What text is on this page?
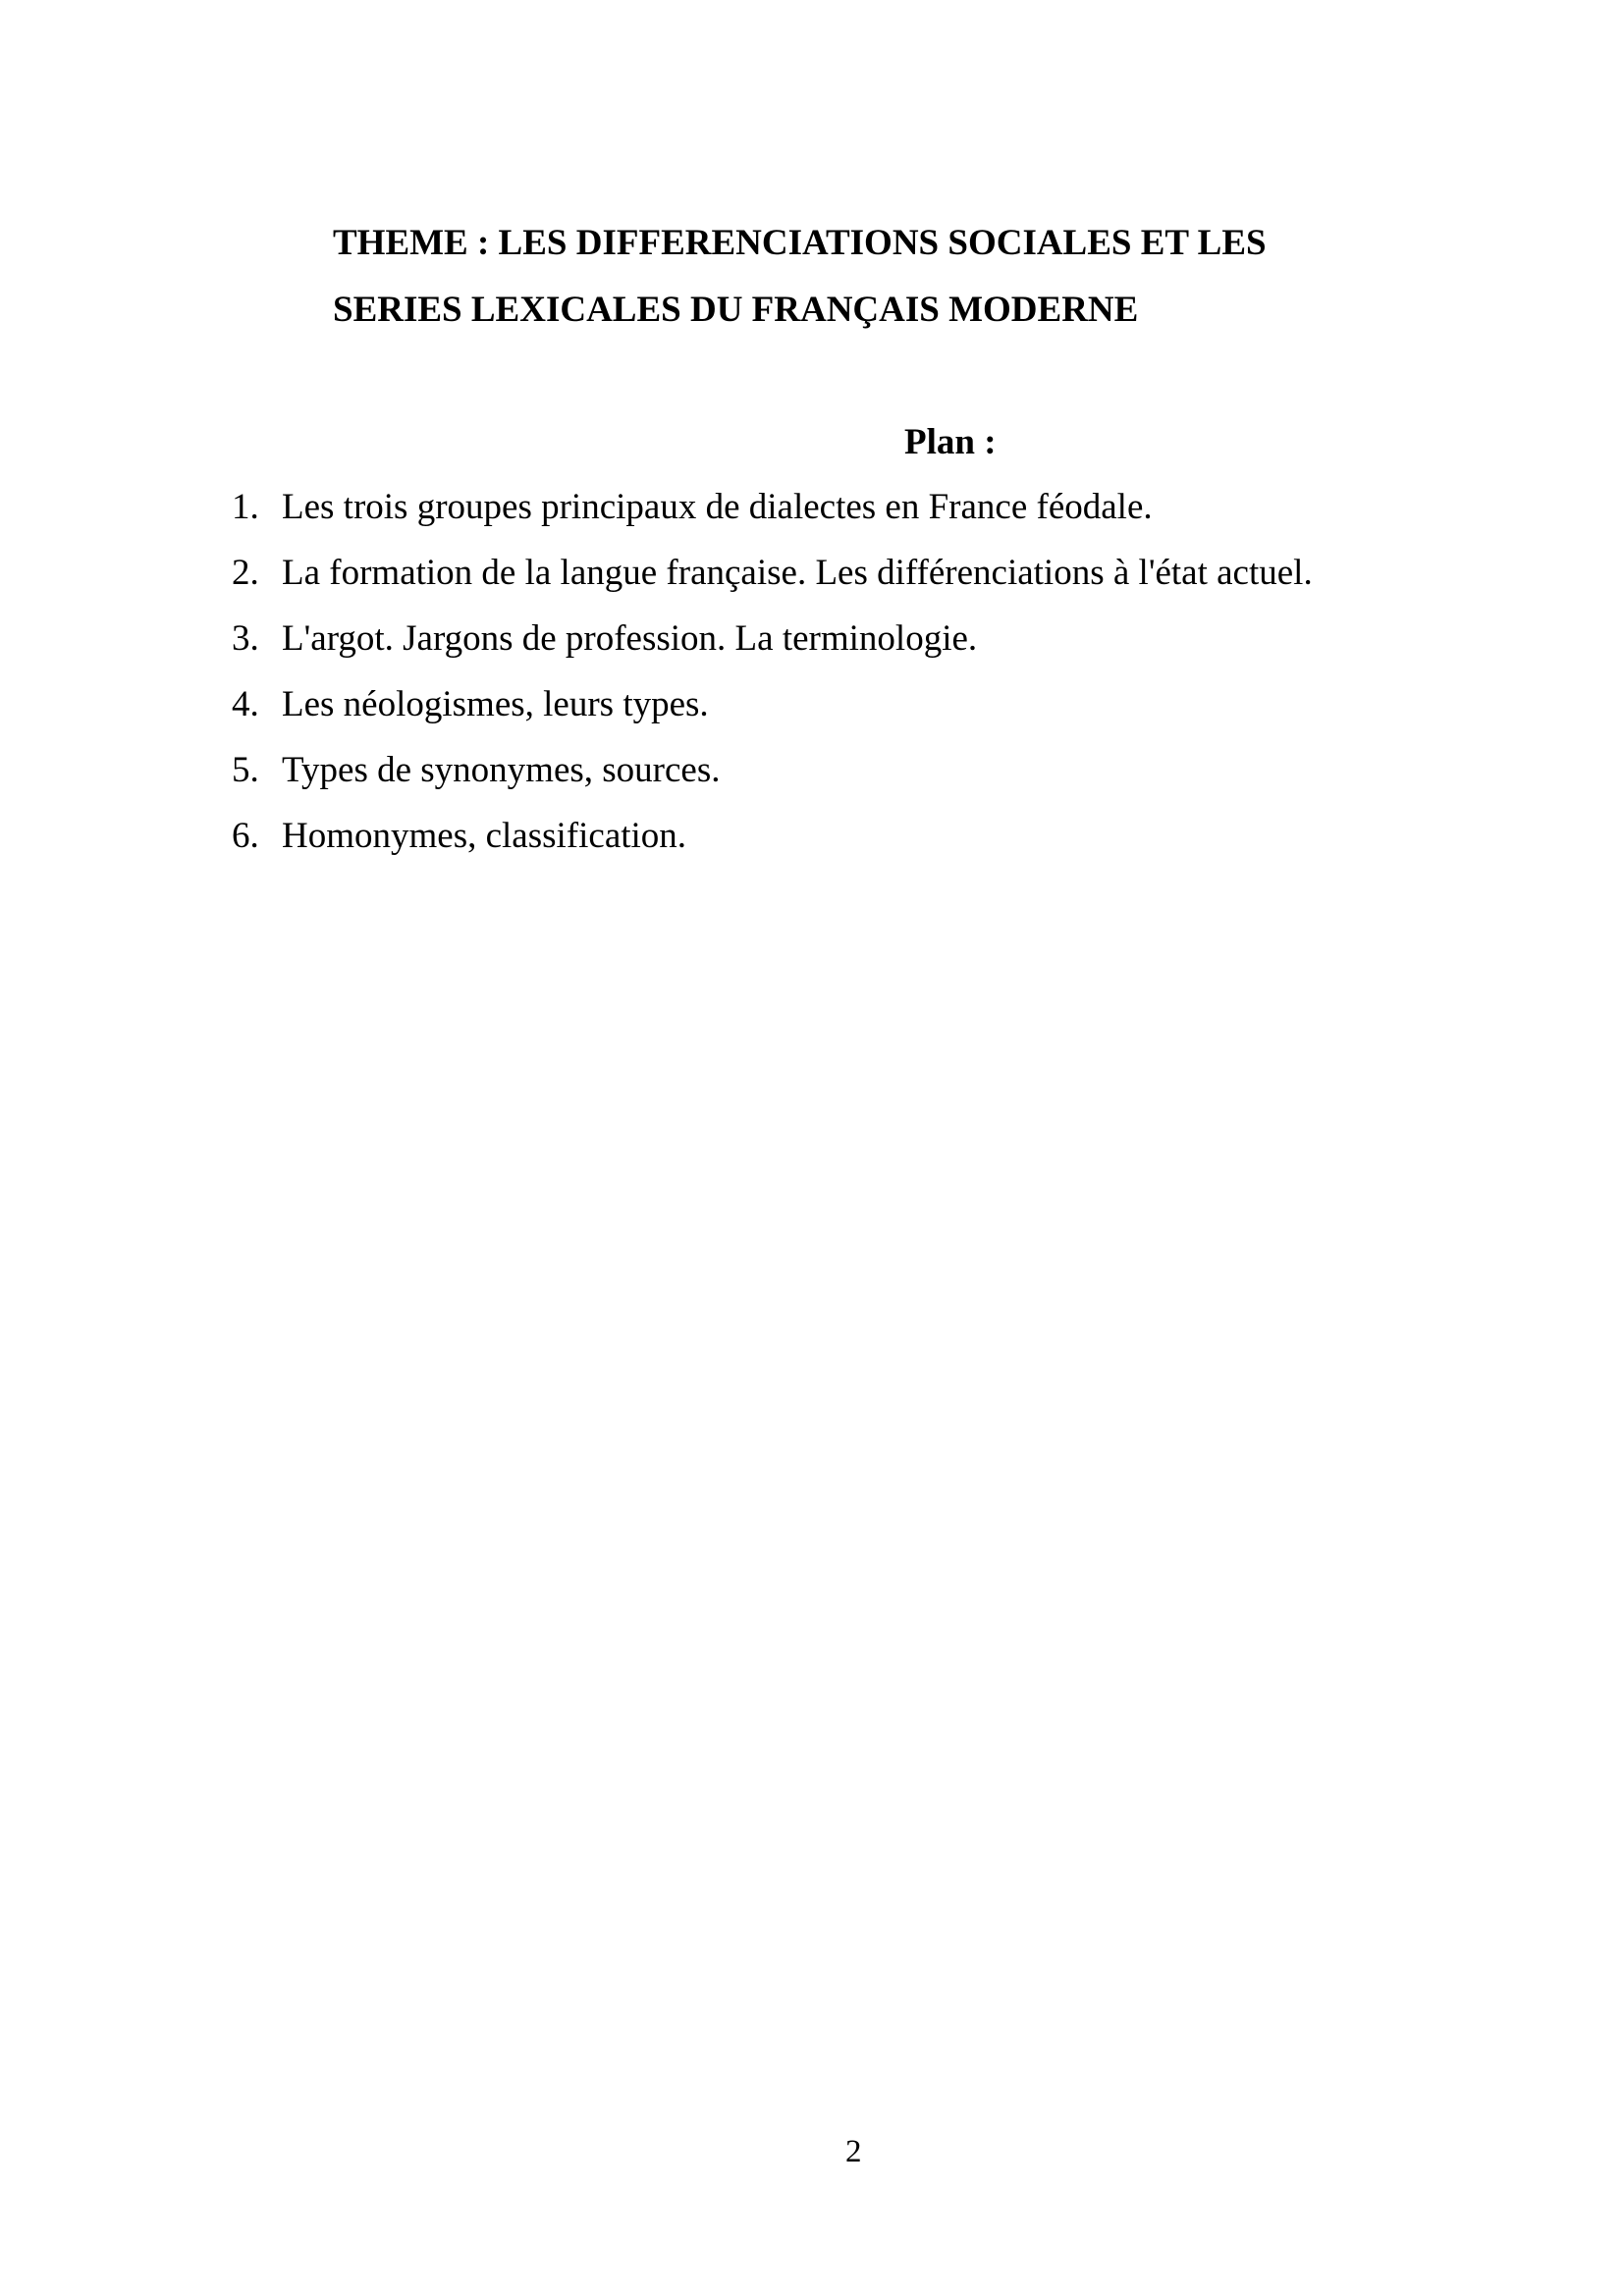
THEME : LES DIFFERENCIATIONS SOCIALES ET LES
SERIES LEXICALES DU FRANÇAIS MODERNE
Plan :
1. Les trois groupes principaux de dialectes en France féodale.
2. La formation de la langue française. Les différenciations à l'état actuel.
3. L'argot. Jargons de profession. La terminologie.
4. Les néologismes, leurs types.
5. Types de synonymes, sources.
6. Homonymes, classification.
2
